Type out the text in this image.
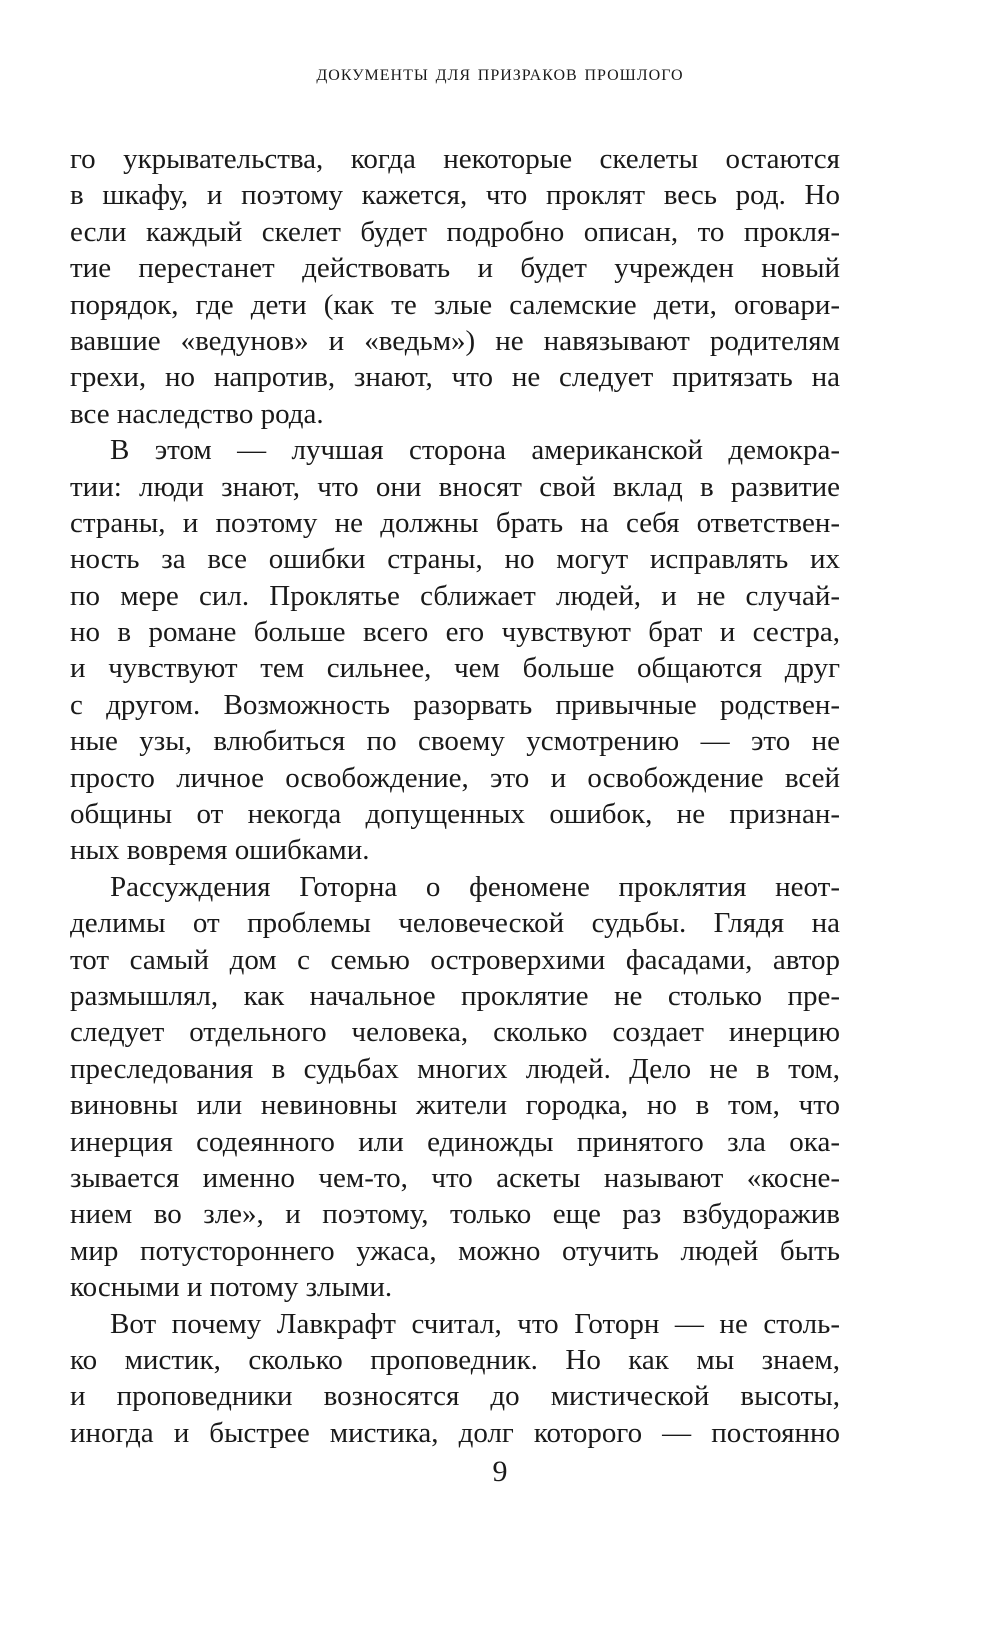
документы для призраков прошлого
го укрывательства, когда некоторые скелеты остаются
в шкафу, и поэтому кажется, что проклят весь род. Но
если каждый скелет будет подробно описан, то прокля-
тие перестанет действовать и будет учрежден новый
порядок, где дети (как те злые салемские дети, оговари-
вавшие «ведунов» и «ведьм») не навязывают родителям
грехи, но напротив, знают, что не следует притязать на
все наследство рода.
В этом — лучшая сторона американской демокра-
тии: люди знают, что они вносят свой вклад в развитие
страны, и поэтому не должны брать на себя ответствен-
ность за все ошибки страны, но могут исправлять их
по мере сил. Проклятье сближает людей, и не случай-
но в романе больше всего его чувствуют брат и сестра,
и чувствуют тем сильнее, чем больше общаются друг
с другом. Возможность разорвать привычные родствен-
ные узы, влюбиться по своему усмотрению — это не
просто личное освобождение, это и освобождение всей
общины от некогда допущенных ошибок, не признан-
ных вовремя ошибками.
Рассуждения Готорна о феномене проклятия неот-
делимы от проблемы человеческой судьбы. Глядя на
тот самый дом с семью островерхими фасадами, автор
размышлял, как начальное проклятие не столько пре-
следует отдельного человека, сколько создает инерцию
преследования в судьбах многих людей. Дело не в том,
виновны или невиновны жители городка, но в том, что
инерция содеянного или единожды принятого зла ока-
зывается именно чем-то, что аскеты называют «косне-
нием во зле», и поэтому, только еще раз взбудоражив
мир потустороннего ужаса, можно отучить людей быть
косными и потому злыми.
Вот почему Лавкрафт считал, что Готорн — не столь-
ко мистик, сколько проповедник. Но как мы знаем,
и проповедники возносятся до мистической высоты,
иногда и быстрее мистика, долг которого — постоянно
9
